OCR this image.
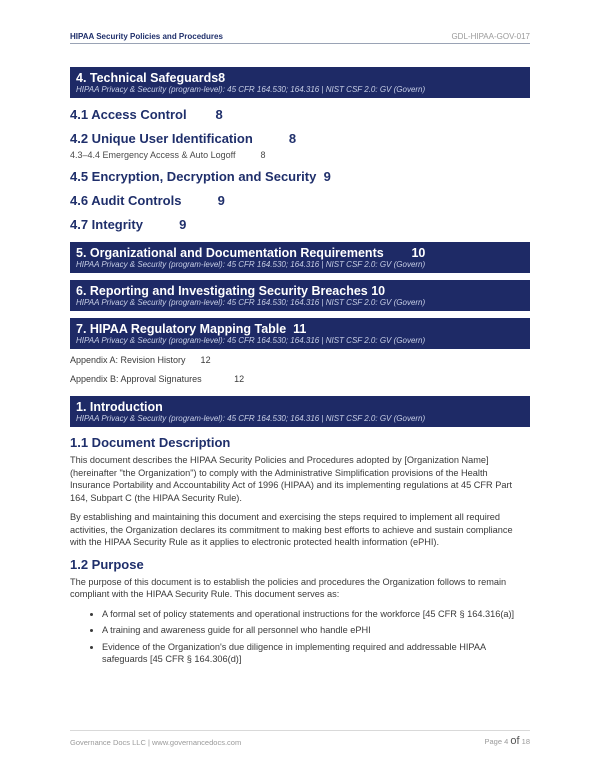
HIPAA Security Policies and Procedures	GDL-HIPAA-GOV-017
4. Technical Safeguards8
HIPAA Privacy & Security (program-level): 45 CFR 164.530; 164.316 | NIST CSF 2.0: GV (Govern)
4.1 Access Control        8
4.2 Unique User Identification          8
4.3–4.4 Emergency Access & Auto Logoff          8
4.5 Encryption, Decryption and Security  9
4.6 Audit Controls          9
4.7 Integrity          9
5. Organizational and Documentation Requirements        10
HIPAA Privacy & Security (program-level): 45 CFR 164.530; 164.316 | NIST CSF 2.0: GV (Govern)
6. Reporting and Investigating Security Breaches 10
HIPAA Privacy & Security (program-level): 45 CFR 164.530; 164.316 | NIST CSF 2.0: GV (Govern)
7. HIPAA Regulatory Mapping Table  11
HIPAA Privacy & Security (program-level): 45 CFR 164.530; 164.316 | NIST CSF 2.0: GV (Govern)
Appendix A: Revision History      12
Appendix B: Approval Signatures             12
1. Introduction
HIPAA Privacy & Security (program-level): 45 CFR 164.530; 164.316 | NIST CSF 2.0: GV (Govern)
1.1 Document Description

This document describes the HIPAA Security Policies and Procedures adopted by [Organization Name] (hereinafter "the Organization") to comply with the Administrative Simplification provisions of the Health Insurance Portability and Accountability Act of 1996 (HIPAA) and its implementing regulations at 45 CFR Part 164, Subpart C (the HIPAA Security Rule).

By establishing and maintaining this document and exercising the steps required to implement all required activities, the Organization declares its commitment to making best efforts to achieve and sustain compliance with the HIPAA Security Rule as it applies to electronic protected health information (ePHI).

1.2 Purpose

The purpose of this document is to establish the policies and procedures the Organization follows to remain compliant with the HIPAA Security Rule. This document serves as:

• A formal set of policy statements and operational instructions for the workforce [45 CFR § 164.316(a)]
• A training and awareness guide for all personnel who handle ePHI
• Evidence of the Organization's due diligence in implementing required and addressable HIPAA safeguards [45 CFR § 164.306(d)]
Governance Docs LLC | www.governancedocs.com	Page 4 of 18
